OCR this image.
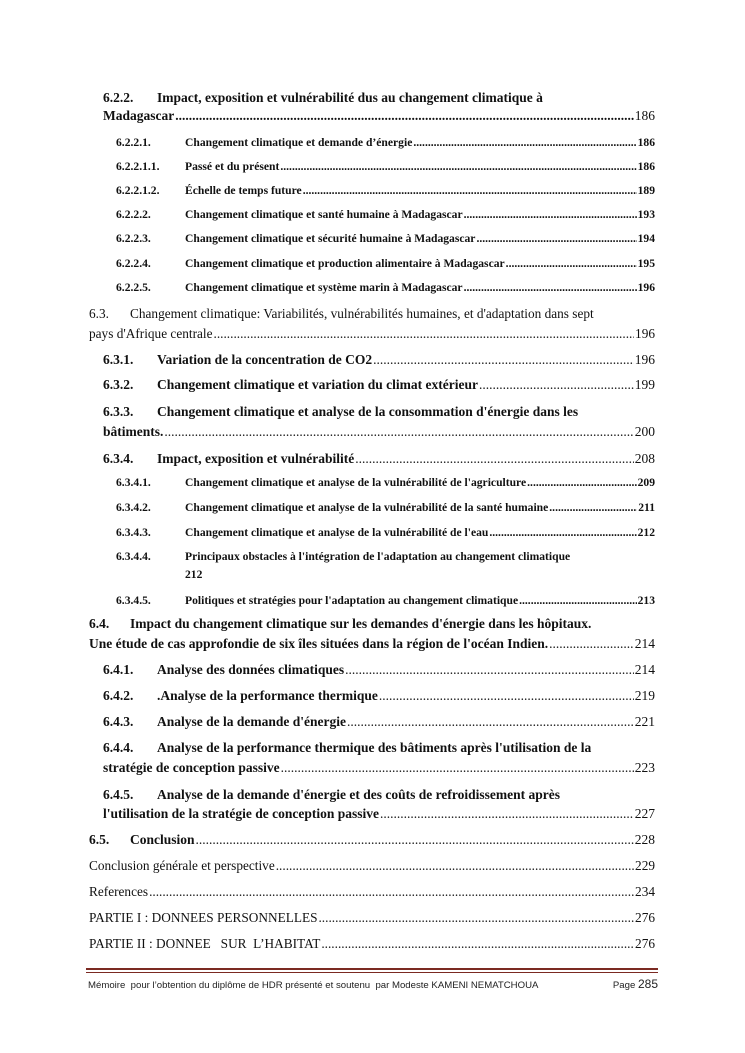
6.2.2.	Impact, exposition et vulnérabilité dus au changement climatique à
Madagascar .....	186
6.2.2.1.	Changement climatique et demande d’énergie .....	186
6.2.2.1.1.	Passé et du présent .....	186
6.2.2.1.2.	Échelle de temps future .....	189
6.2.2.2.	Changement climatique et santé humaine à Madagascar .....	193
6.2.2.3.	Changement climatique et sécurité humaine à Madagascar .....	194
6.2.2.4.	Changement climatique et production alimentaire à Madagascar .....	195
6.2.2.5.	Changement climatique et système marin à Madagascar .....	196
6.3.	Changement climatique: Variabilités, vulnérabilités humaines, et d'adaptation dans sept
pays d'Afrique centrale .....	196
6.3.1.	Variation de la concentration de CO2 .....	196
6.3.2.	Changement climatique et variation du climat extérieur .....	199
6.3.3.	Changement climatique et analyse de la consommation d'énergie dans les
bâtiments. .....	200
6.3.4.	Impact, exposition et vulnérabilité .....	208
6.3.4.1.	Changement climatique et analyse de la vulnérabilité de l'agriculture .....	209
6.3.4.2.	Changement climatique et analyse de la vulnérabilité de la santé humaine .....	211
6.3.4.3.	Changement climatique et analyse de la vulnérabilité de l'eau .....	212
6.3.4.4.	Principaux obstacles à l'intégration de l'adaptation au changement climatique
212
6.3.4.5.	Politiques et stratégies pour l'adaptation au changement climatique .....	213
6.4.	Impact du changement climatique sur les demandes d'énergie dans les hôpitaux.
Une étude de cas approfondie de six îles situées dans la région de l'océan Indien. .....	214
6.4.1.	Analyse des données climatiques .....	214
6.4.2.	.Analyse de la performance thermique .....	219
6.4.3.	Analyse de la demande d'énergie .....	221
6.4.4.	Analyse de la performance thermique des bâtiments après l'utilisation de la
stratégie de conception passive .....	223
6.4.5.	Analyse de la demande d'énergie et des coûts de refroidissement après
l'utilisation de la stratégie de conception passive .....	227
6.5.	Conclusion .....	228
Conclusion générale et perspective .....	229
References .....	234
PARTIE I : DONNEES PERSONNELLES .....	276
PARTIE II : DONNEE   SUR  L’HABITAT .....	276
Mémoire  pour l’obtention du diplôme de HDR présenté et soutenu  par Modeste KAMENI NEMATCHOUA	Page 285
